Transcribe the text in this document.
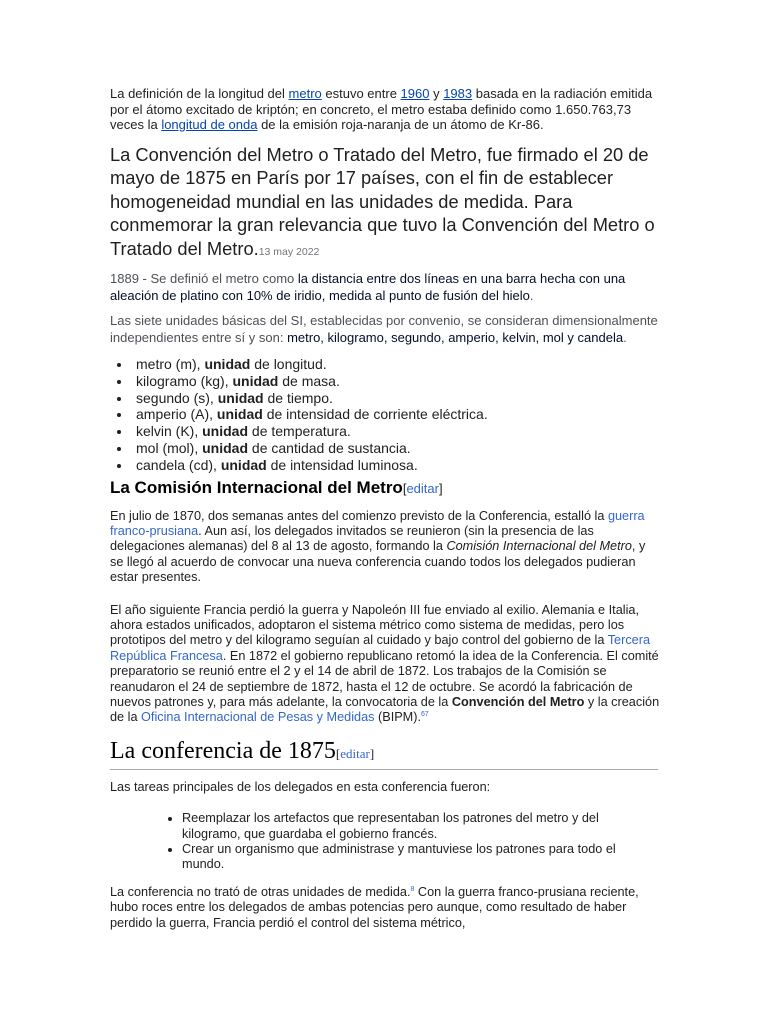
La definición de la longitud del metro estuvo entre 1960 y 1983 basada en la radiación emitida por el átomo excitado de kriptón; en concreto, el metro estaba definido como 1.650.763,73 veces la longitud de onda de la emisión roja-naranja de un átomo de Kr-86.

La Convención del Metro o Tratado del Metro, fue firmado el 20 de mayo de 1875 en París por 17 países, con el fin de establecer homogeneidad mundial en las unidades de medida. Para conmemorar la gran relevancia que tuvo la Convención del Metro o Tratado del Metro.13 may 2022

1889 - Se definió el metro como la distancia entre dos líneas en una barra hecha con una aleación de platino con 10% de iridio, medida al punto de fusión del hielo.

Las siete unidades básicas del SI, establecidas por convenio, se consideran dimensionalmente independientes entre sí y son: metro, kilogramo, segundo, amperio, kelvin, mol y candela.

• metro (m), unidad de longitud.
• kilogramo (kg), unidad de masa.
• segundo (s), unidad de tiempo.
• amperio (A), unidad de intensidad de corriente eléctrica.
• kelvin (K), unidad de temperatura.
• mol (mol), unidad de cantidad de sustancia.
• candela (cd), unidad de intensidad luminosa.
La Comisión Internacional del Metro[editar]

En julio de 1870, dos semanas antes del comienzo previsto de la Conferencia, estalló la guerra franco-prusiana. Aun así, los delegados invitados se reunieron (sin la presencia de las delegaciones alemanas) del 8 al 13 de agosto, formando la Comisión Internacional del Metro, y se llegó al acuerdo de convocar una nueva conferencia cuando todos los delegados pudieran estar presentes.

El año siguiente Francia perdió la guerra y Napoleón III fue enviado al exilio. Alemania e Italia, ahora estados unificados, adoptaron el sistema métrico como sistema de medidas, pero los prototipos del metro y del kilogramo seguían al cuidado y bajo control del gobierno de la Tercera República Francesa. En 1872 el gobierno republicano retomó la idea de la Conferencia. El comité preparatorio se reunió entre el 2 y el 14 de abril de 1872. Los trabajos de la Comisión se reanudaron el 24 de septiembre de 1872, hasta el 12 de octubre. Se acordó la fabricación de nuevos patrones y, para más adelante, la convocatoria de la Convención del Metro y la creación de la Oficina Internacional de Pesas y Medidas (BIPM).$^{67}$

La conferencia de 1875[editar]

Las tareas principales de los delegados en esta conferencia fueron:

• Reemplazar los artefactos que representaban los patrones del metro y del kilogramo, que guardaba el gobierno francés.
• Crear un organismo que administrase y mantuviese los patrones para todo el mundo.

La conferencia no trató de otras unidades de medida.$^8$ Con la guerra franco-prusiana reciente, hubo roces entre los delegados de ambas potencias pero aunque, como resultado de haber perdido la guerra, Francia perdió el control del sistema métrico,
